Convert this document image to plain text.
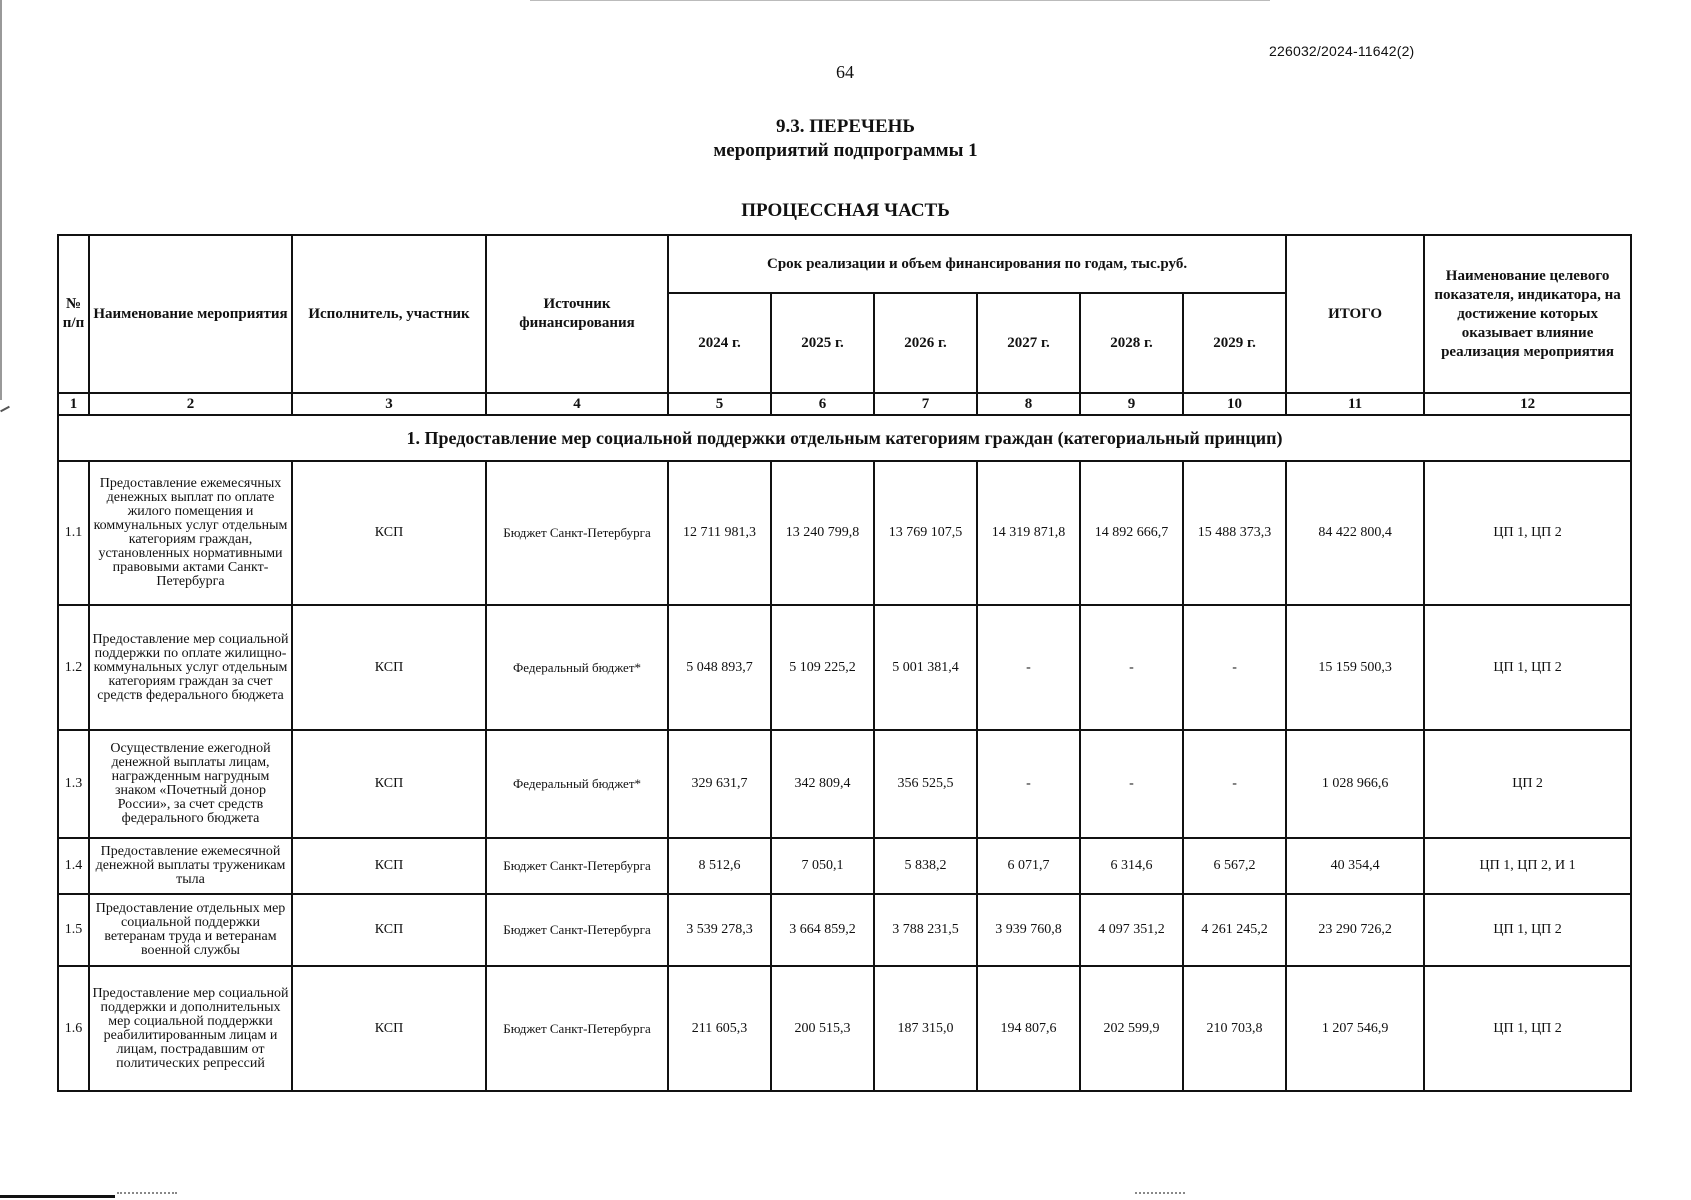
226032/2024-11642(2)
64
9.3. ПЕРЕЧЕНЬ
мероприятий подпрограммы 1
ПРОЦЕССНАЯ ЧАСТЬ
№ п/п	Наименование мероприятия	Исполнитель, участник	Источник финансирования	Срок реализации и объем финансирования по годам, тыс.руб.						ИТОГО	Наименование целевого показателя, индикатора, на достижение которых оказывает влияние реализация мероприятия
				2024 г.	2025 г.	2026 г.	2027 г.	2028 г.	2029 г.		
1	2	3	4	5	6	7	8	9	10	11	12
1. Предоставление мер социальной поддержки отдельным категориям граждан (категориальный принцип)											
1.1	Предоставление ежемесячных денежных выплат по оплате жилого помещения и коммунальных услуг отдельным категориям граждан, установленных нормативными правовыми актами Санкт-Петербурга	КСП	Бюджет Санкт-Петербурга	12 711 981,3	13 240 799,8	13 769 107,5	14 319 871,8	14 892 666,7	15 488 373,3	84 422 800,4	ЦП 1, ЦП 2
1.2	Предоставление мер социальной поддержки по оплате жилищно-коммунальных услуг отдельным категориям граждан за счет средств федерального бюджета	КСП	Федеральный бюджет*	5 048 893,7	5 109 225,2	5 001 381,4	-	-	-	15 159 500,3	ЦП 1, ЦП 2
1.3	Осуществление ежегодной денежной выплаты лицам, награжденным нагрудным знаком «Почетный донор России», за счет средств федерального бюджета	КСП	Федеральный бюджет*	329 631,7	342 809,4	356 525,5	-	-	-	1 028 966,6	ЦП 2
1.4	Предоставление ежемесячной денежной выплаты труженикам тыла	КСП	Бюджет Санкт-Петербурга	8 512,6	7 050,1	5 838,2	6 071,7	6 314,6	6 567,2	40 354,4	ЦП 1, ЦП 2, И 1
1.5	Предоставление отдельных мер социальной поддержки ветеранам труда и ветеранам военной службы	КСП	Бюджет Санкт-Петербурга	3 539 278,3	3 664 859,2	3 788 231,5	3 939 760,8	4 097 351,2	4 261 245,2	23 290 726,2	ЦП 1, ЦП 2
1.6	Предоставление мер социальной поддержки и дополнительных мер социальной поддержки реабилитированным лицам и лицам, пострадавшим от политических репрессий	КСП	Бюджет Санкт-Петербурга	211 605,3	200 515,3	187 315,0	194 807,6	202 599,9	210 703,8	1 207 546,9	ЦП 1, ЦП 2
